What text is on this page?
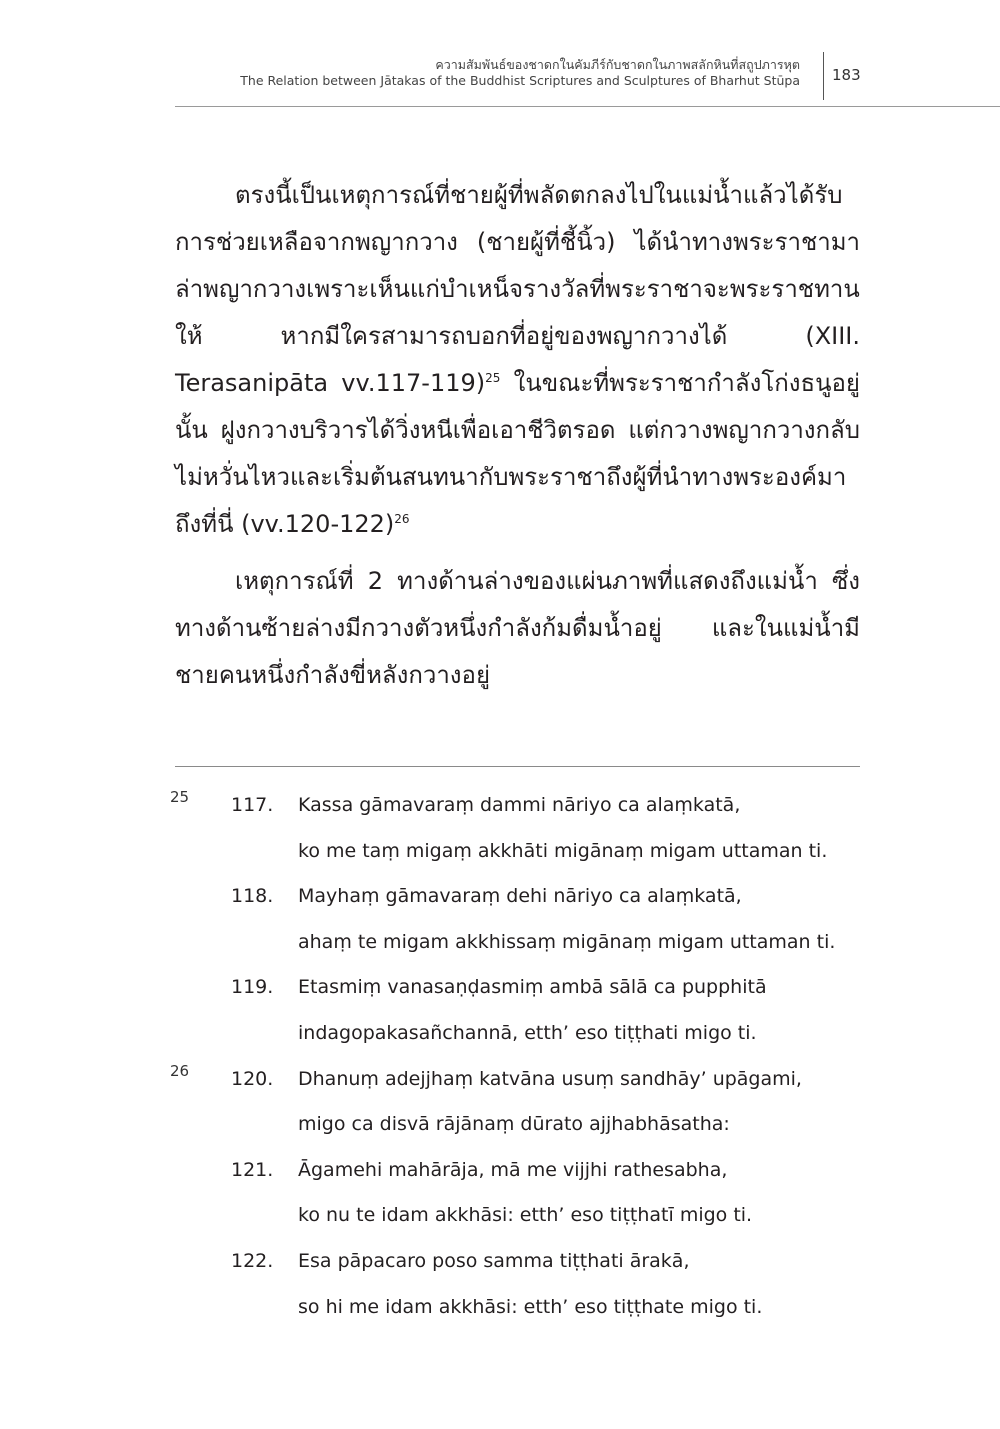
ความสัมพันธ์ของชาดกในคัมภีร์กับชาดกในภาพสลักหินที่สถูปภารหุต
The Relation between Jātakas of the Buddhist Scriptures and Sculptures of Bharhut Stūpa 183

ตรงนี้เป็นเหตุการณ์ที่ชายผู้ที่พลัดตกลงไปในแม่น้ำแล้วได้รับการช่วยเหลือจากพญากวาง (ชายผู้ที่ชี้นิ้ว) ได้นำทางพระราชามาล่าพญากวางเพราะเห็นแก่บำเหน็จรางวัลที่พระราชาจะพระราชทานให้ หากมีใครสามารถบอกที่อยู่ของพญากวางได้ (XIII. Terasanipāta vv.117-119)$^{25}$ ในขณะที่พระราชากำลังโก่งธนูอยู่นั้น ฝูงกวางบริวารได้วิ่งหนีเพื่อเอาชีวิตรอด แต่กวางพญากวางกลับไม่หวั่นไหวและเริ่มต้นสนทนากับพระราชาถึงผู้ที่นำทางพระองค์มาถึงที่นี่ $(vv.120-122)^{26}$

เหตุการณ์ที่ 2 ทางด้านล่างของแผ่นภาพที่แสดงถึงแม่น้ำ ซึ่งทางด้านซ้ายล่างมีกวางตัวหนึ่งกำลังก้มดื่มน้ำอยู่ และในแม่น้ำมีชายคนหนึ่งกำลังขี่หลังกวางอยู่

25 117. Kassa gāmavaraṃ dammi nāriyo ca alaṃkatā,
ko me taṃ migaṃ akkhāti migānaṃ migam uttaman ti.
118. Mayhaṃ gāmavaraṃ dehi nāriyo ca alaṃkatā,
ahaṃ te migam akkhissaṃ migānaṃ migam uttaman ti.
119. Etasmiṃ vanasaṇḍasmiṃ ambā sālā ca pupphitā
indagopakasañchannā, etth’ eso tiṭṭhati migo ti.
26 120. Dhanuṃ adejjhaṃ katvāna usuṃ sandhāy’ upāgami,
migo ca disvā rājānaṃ dūrato ajjhabhāsatha:
121. Āgamehi mahārāja, mā me vijjhi rathesabha,
ko nu te idam akkhāsi: etth’ eso tiṭṭhatī migo ti.
122. Esa pāpacaro poso samma tiṭṭhati ārakā,
so hi me idam akkhāsi: etth’ eso tiṭṭhate migo ti.
